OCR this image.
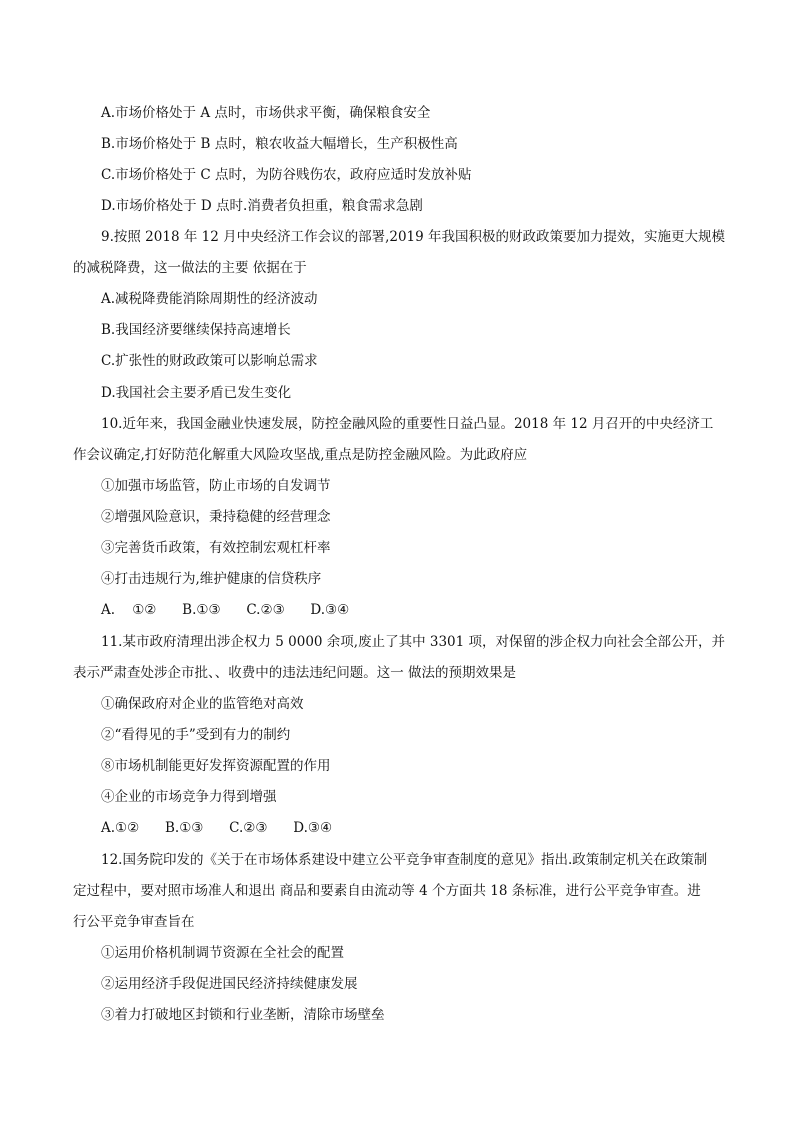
A.市场价格处于 A 点时，市场供求平衡，确保粮食安全
B.市场价格处于 B 点时，粮农收益大幅增长，生产积极性高
C.市场价格处于 C 点时，为防谷贱伤农，政府应适时发放补贴
D.市场价格处于 D 点时.消费者负担重，粮食需求急剧
9.按照 2018 年 12 月中央经济工作会议的部署,2019 年我国积极的财政政策要加力提效，实施更大规模
的减税降费，这一做法的主要 依据在于
A.减税降费能消除周期性的经济波动
B.我国经济要继续保持高速增长
C.扩张性的财政政策可以影响总需求
D.我国社会主要矛盾已发生变化
10.近年来，我国金融业快速发展，防控金融风险的重要性日益凸显。2018 年 12 月召开的中央经济工
作会议确定,打好防范化解重大风险攻坚战,重点是防控金融风险。为此政府应
①加强市场监管，防止市场的自发调节
②增强风险意识，秉持稳健的经营理念
③完善货币政策，有效控制宏观杠杆率
④打击违规行为,维护健康的信贷秩序
A.    ①②      B.①③      C.②③      D.③④
11.某市政府清理出涉企权力 5 0000 余项,废止了其中 3301 项，对保留的涉企权力向社会全部公开，并
表示严肃查处涉企市批、、收费中的违法违纪问题。这一 做法的预期效果是
①确保政府对企业的监管绝对高效
②“看得见的手”受到有力的制约
⑧市场机制能更好发挥资源配置的作用
④企业的市场竞争力得到增强
A.①②      B.①③      C.②③      D.③④
12.国务院印发的《关于在市场体系建设中建立公平竞争审查制度的意见》指出.政策制定机关在政策制
定过程中，要对照市场准人和退出 商品和要素自由流动等 4 个方面共 18 条标准，进行公平竞争审查。进
行公平竞争审查旨在
①运用价格机制调节资源在全社会的配置
②运用经济手段促进国民经济持续健康发展
③着力打破地区封锁和行业垄断，清除市场壁垒
